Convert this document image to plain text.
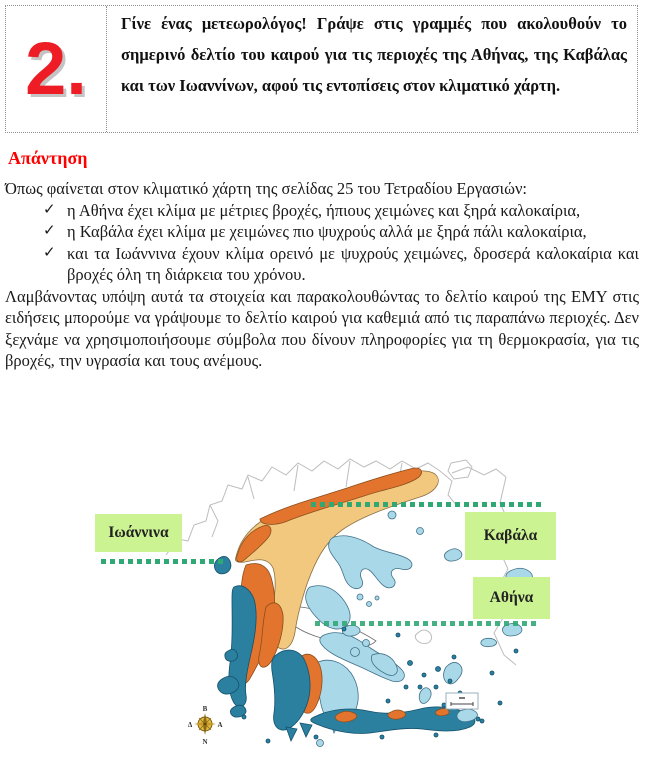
2.
Γίνε ένας μετεωρολόγος! Γράψε στις γραμμές που ακολουθούν το σημερινό δελτίο του καιρού για τις περιοχές της Αθήνας, της Καβάλας και των Ιωαννίνων, αφού τις εντοπίσεις στον κλιματικό χάρτη.
Απάντηση

Όπως φαίνεται στον κλιματικό χάρτη της σελίδας 25 του Τετραδίου Εργασιών:

✓ η Αθήνα έχει κλίμα με μέτριες βροχές, ήπιους χειμώνες και ξηρά καλοκαίρια,
✓ η Καβάλα έχει κλίμα με χειμώνες πιο ψυχρούς αλλά με ξηρά πάλι καλοκαίρια,
✓ και τα Ιωάννινα έχουν κλίμα ορεινό με ψυχρούς χειμώνες, δροσερά καλοκαίρια και βροχές όλη τη διάρκεια του χρόνου.

Λαμβάνοντας υπόψη αυτά τα στοιχεία και παρακολουθώντας το δελτίο καιρού της ΕΜΥ στις ειδήσεις μπορούμε να γράψουμε το δελτίο καιρού για καθεμιά από τις παραπάνω περιοχές. Δεν ξεχνάμε να χρησιμοποιήσουμε σύμβολα που δίνουν πληροφορίες για τη θερμοκρασία, για τις βροχές, την υγρασία και τους ανέμους.

Β
Ν
Α
Δ
Ιωάννινα	Καβάλα
Αθήνα
